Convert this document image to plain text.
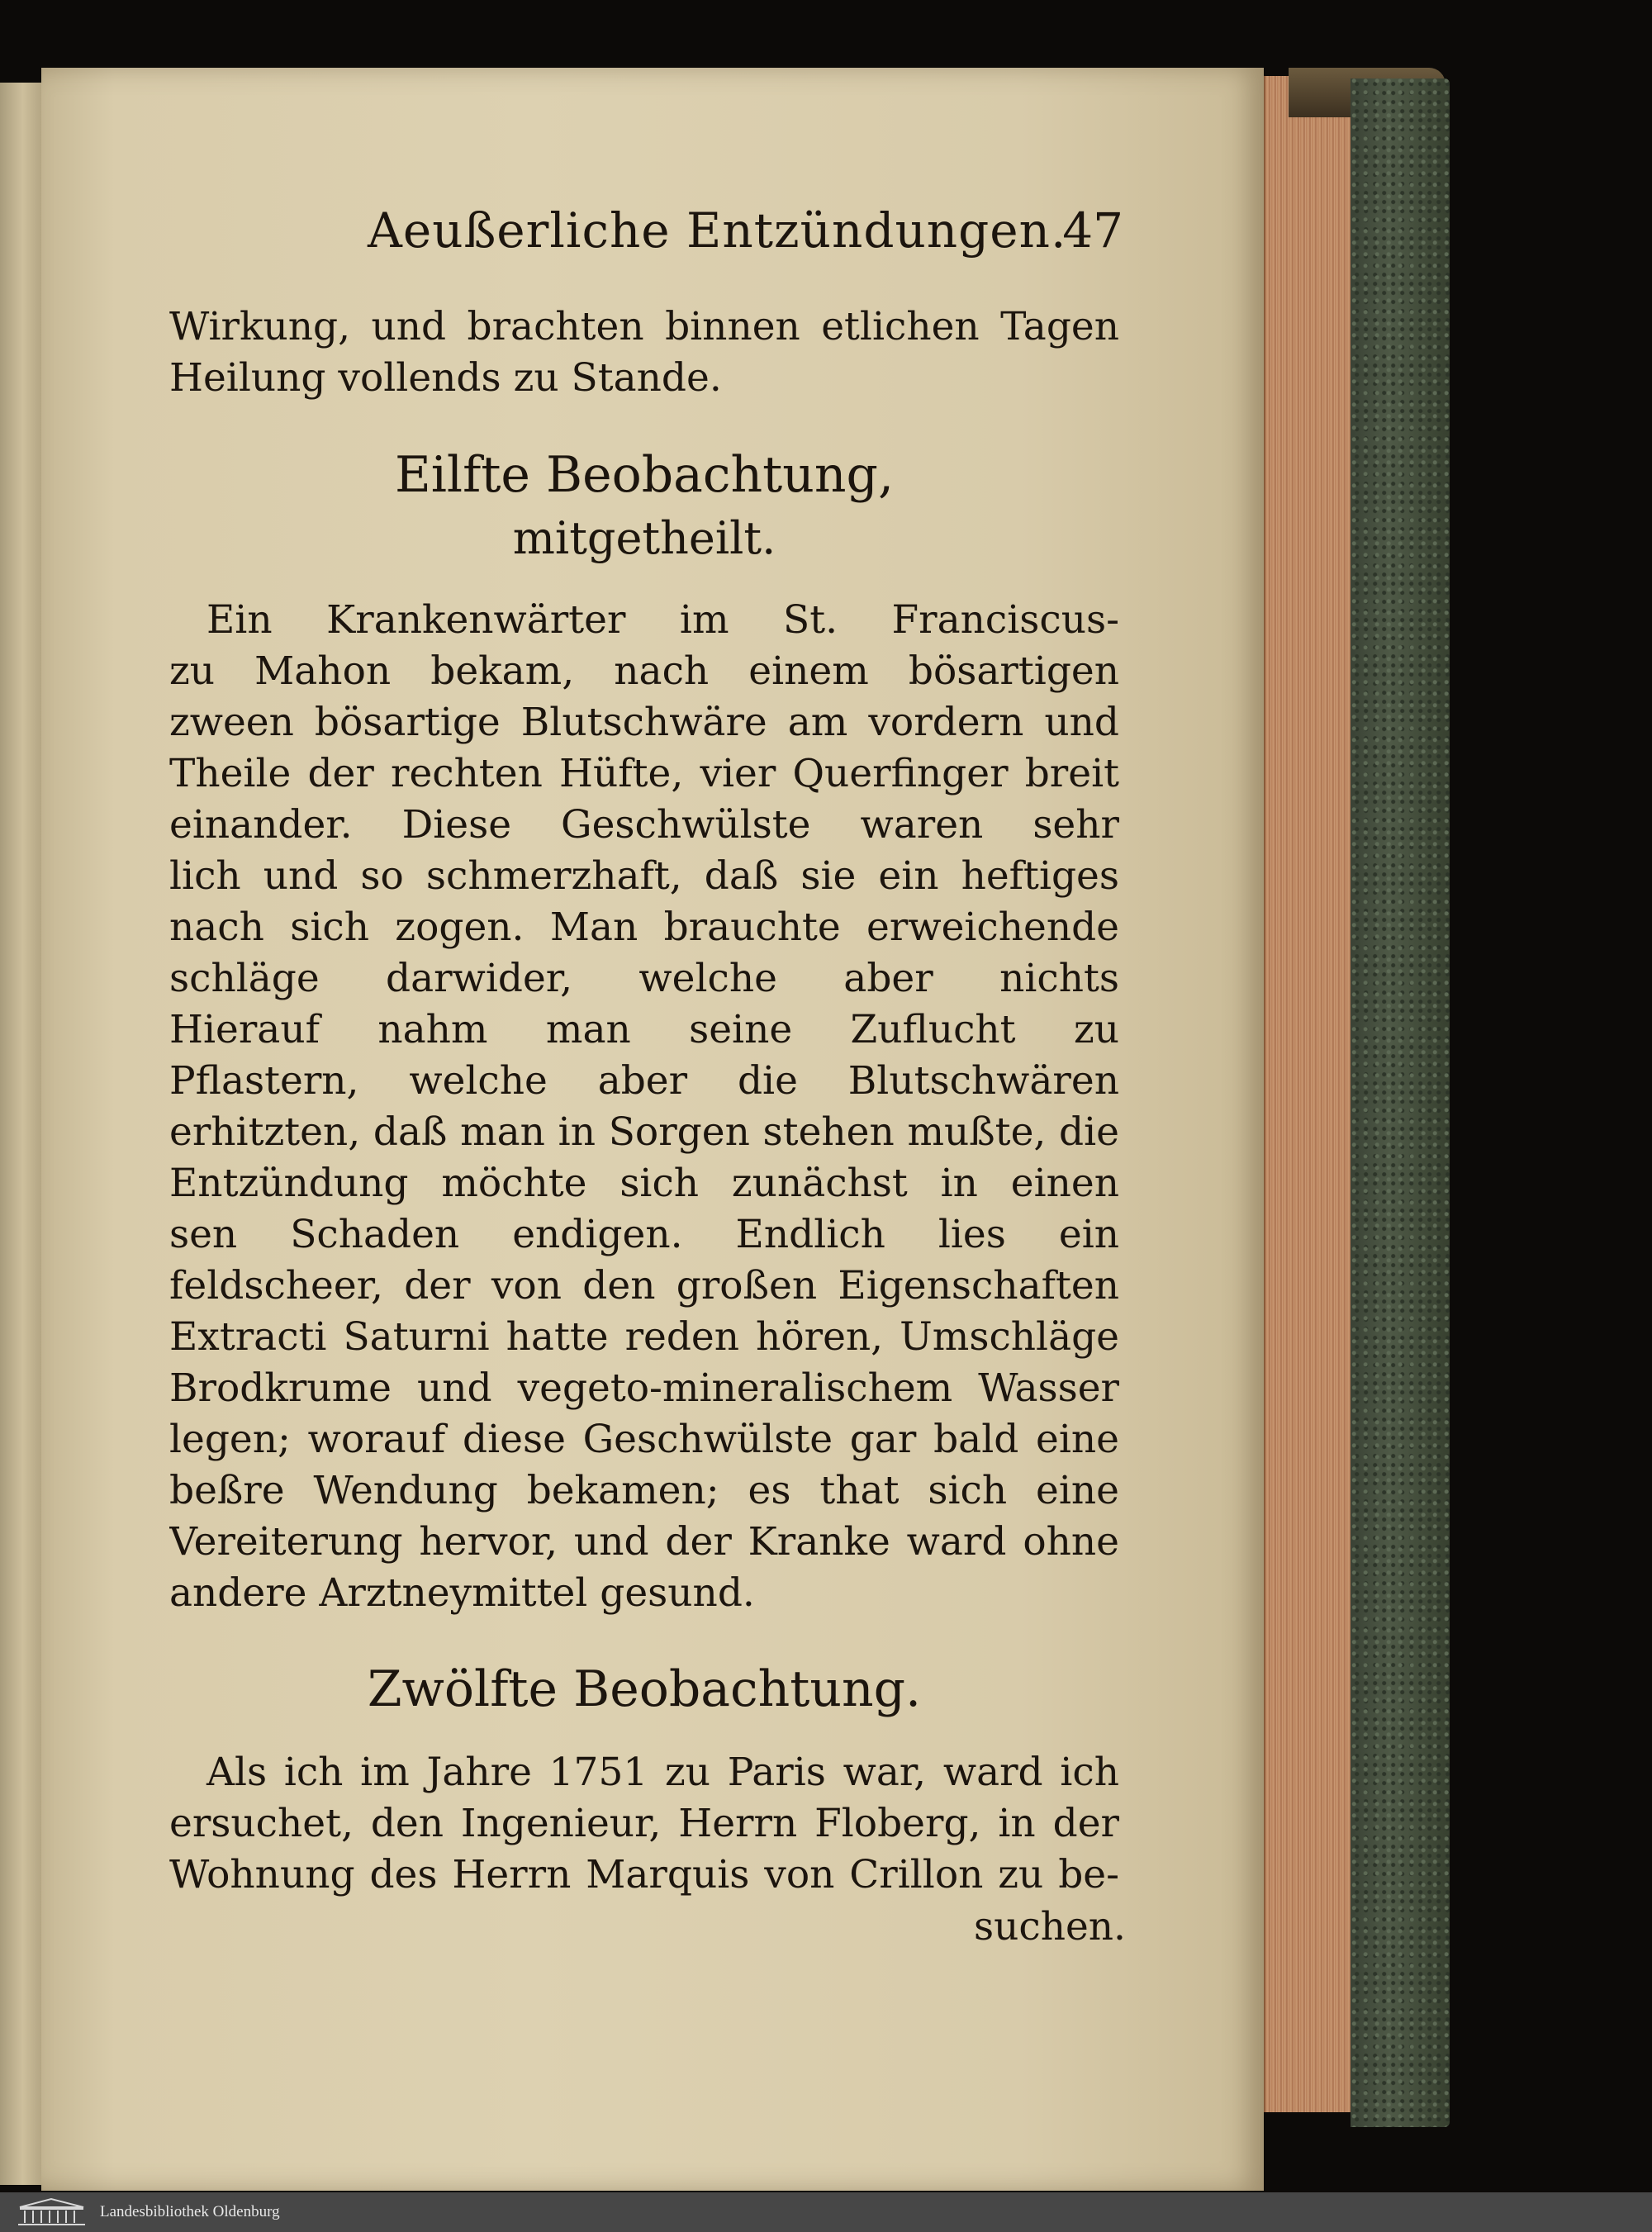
Aeußerliche Entzündungen.
47
Wirkung, und brachten binnen etlichen Tagen
Heilung vollends zu Stande.
Eilfte Beobachtung,
mitgetheilt.
Ein Krankenwärter im St. Franciscus-
zu Mahon bekam, nach einem bösartigen
zween bösartige Blutschwäre am vordern und
Theile der rechten Hüfte, vier Querfinger breit
einander. Diese Geschwülste waren sehr
lich und so schmerzhaft, daß sie ein heftiges
nach sich zogen. Man brauchte erweichende
schläge darwider, welche aber nichts
Hierauf nahm man seine Zuflucht zu
Pflastern, welche aber die Blutschwären
erhitzten, daß man in Sorgen stehen mußte, die
Entzündung möchte sich zunächst in einen
sen Schaden endigen. Endlich lies ein
feldscheer, der von den großen Eigenschaften
Extracti Saturni hatte reden hören, Umschläge
Brodkrume und vegeto-mineralischem Wasser
legen; worauf diese Geschwülste gar bald eine
beßre Wendung bekamen; es that sich eine
Vereiterung hervor, und der Kranke ward ohne
andere Arztneymittel gesund.
Zwölfte Beobachtung.
Als ich im Jahre 1751 zu Paris war, ward ich
ersuchet, den Ingenieur, Herrn Floberg, in der
Wohnung des Herrn Marquis von Crillon zu be-
suchen.
Landesbibliothek Oldenburg
